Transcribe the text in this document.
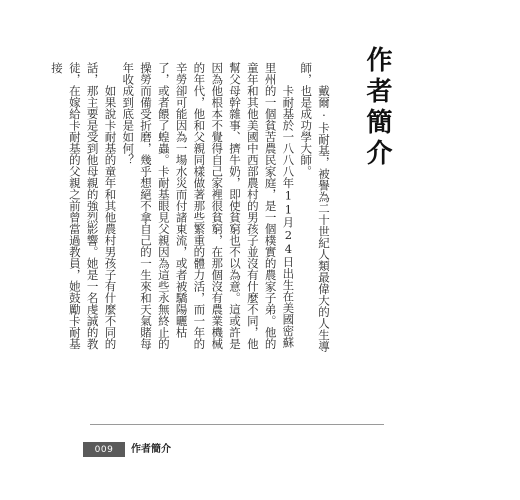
作者簡介

戴爾·卡耐基，被譽為二十世紀人類最偉大的人生導師，也是成功學大師。

卡耐基於一八八八年11月24日出生在美國密蘇里州的一個貧苦農民家庭，是一個樸實的農家子弟。他的童年和其他美國中西部農村的男孩子並沒有什麼不同，他幫父母幹雜事、擠牛奶，即使貧窮也不以為意。這或許是因為他根本不覺得自己家裡很貧窮，在那個沒有農業機械的年代，他和父親同樣做著那些繁重的體力活，而一年的辛勞卻可能因為一場水災而付諸東流，或者被驕陽曬枯了，或者餵了蝗蟲。卡耐基眼見父親因為這些永無終止的操勞而備受折磨，幾乎想絕不拿自己的一生來和天氣賭每年收成到底是如何？

如果說卡耐基的童年和其他農村男孩子有什麼不同的話，那主要是受到他母親的強烈影響。她是一名虔誠的教徒，在嫁給卡耐基的父親之前曾當過教員，她鼓勵卡耐基接

009 作者簡介
